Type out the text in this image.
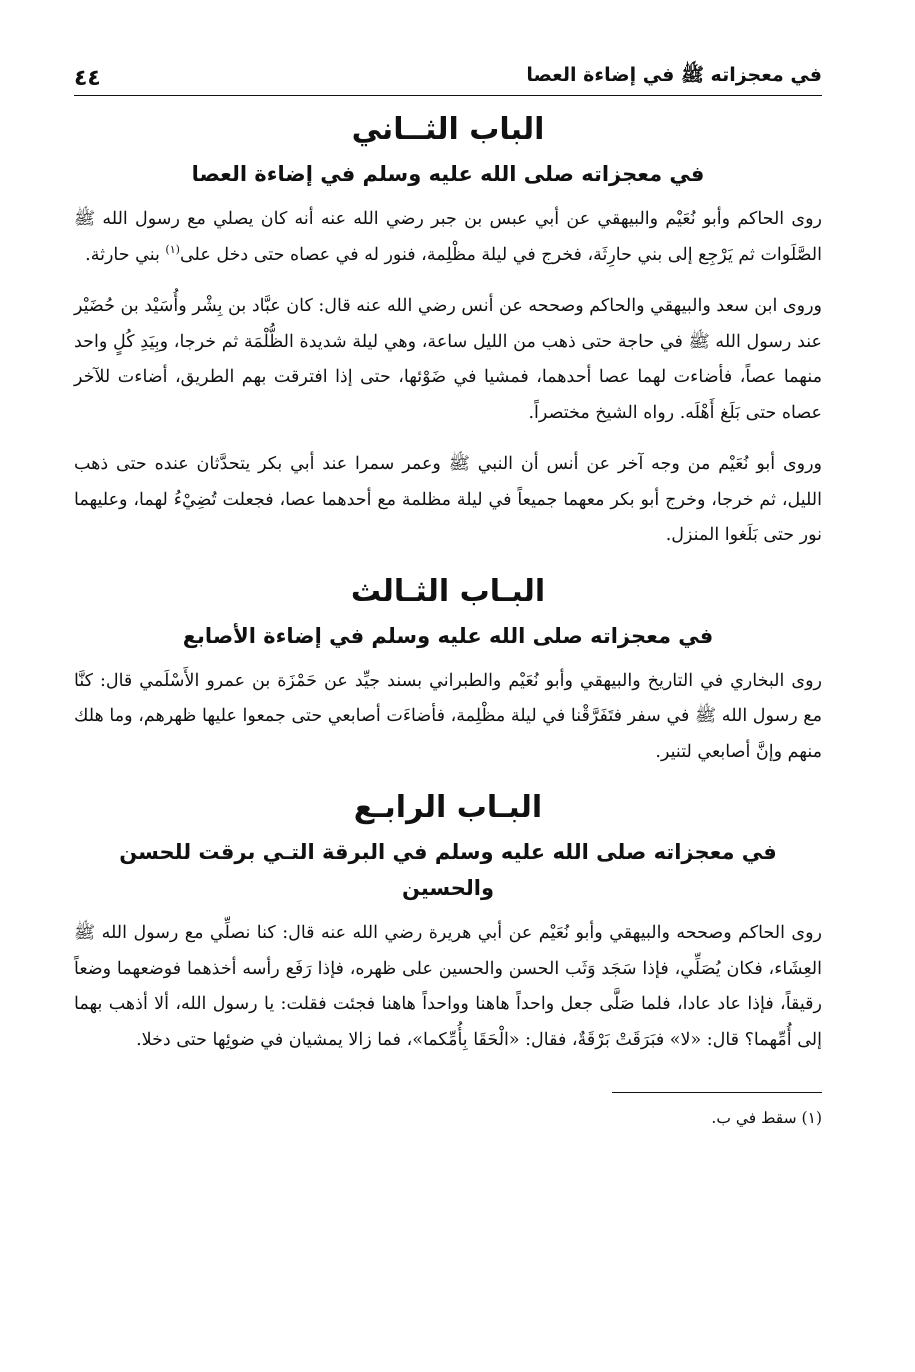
في معجزاته ﷺ في إضاءة العصا
٤٤
الباب الثــاني
في معجزاته صلى الله عليه وسلم في إضاءة العصا

روى الحاكم وأبو نُعَيْم والبيهقي عن أبي عبس بن جبر رضي الله عنه أنه كان يصلي مع رسول الله ﷺ الصَّلَوات ثم يَرْجِع إلى بني حارِثَة، فخرج في ليلة مظْلِمة، فنور له في عصاه حتى دخل على$^{(١)}$ بني حارثة.

وروى ابن سعد والبيهقي والحاكم وصححه عن أنس رضي الله عنه قال: كان عبَّاد بن بِشْر وأُسَيْد بن حُضَيْر عند رسول الله ﷺ في حاجة حتى ذهب من الليل ساعة، وهي ليلة شديدة الظُّلْمَة ثم خرجا، وبِيَدِ كُلٍ واحد منهما عصاً، فأضاءت لهما عصا أحدهما، فمشيا في ضَوْئها، حتى إذا افترقت بهم الطريق، أضاءت للآخر عصاه حتى بَلَغ أَهْلَه. رواه الشيخ مختصراً.

وروى أبو نُعَيْم من وجه آخر عن أنس أن النبي ﷺ وعمر سمرا عند أبي بكر يتحدَّثان عنده حتى ذهب الليل، ثم خرجا، وخرج أبو بكر معهما جميعاً في ليلة مظلمة مع أحدهما عصا، فجعلت تُضِيْءُ لهما، وعليهما نور حتى بَلَغوا المنزل.

البـاب الثـالث
في معجزاته صلى الله عليه وسلم في إضاءة الأصابع

روى البخاري في التاريخ والبيهقي وأبو نُعَيْم والطبراني بسند جيِّد عن حَمْزَة بن عمرو الأَسْلَمي قال: كنَّا مع رسول الله ﷺ في سفر فتَفَرَّقْنا في ليلة مظْلِمة، فأضاءَت أصابعي حتى جمعوا عليها ظهرهم، وما هلك منهم وإنَّ أصابعي لتنير.

البـاب الرابـع
في معجزاته صلى الله عليه وسلم في البرقة التـي برقت للحسن والحسين

روى الحاكم وصححه والبيهقي وأبو نُعَيْم عن أبي هريرة رضي الله عنه قال: كنا نصلِّي مع رسول الله ﷺ العِشَاء، فكان يُصَلِّي، فإذا سَجَد وَثَب الحسن والحسين على ظهره، فإذا رَفَع رأسه أخذهما فوضعهما وضعاً رقيقاً، فإذا عاد عادا، فلما صَلَّى جعل واحداً هاهنا وواحداً هاهنا فجئت فقلت: يا رسول الله، ألا أذهب بهما إلى أُمِّهما؟ قال: «لا» فبَرَقَتْ بَرْقَةٌ، فقال: «الْحَقَا بِأُمِّكما»، فما زالا يمشيان في ضوئِها حتى دخلا.

(١) سقط في ب.
